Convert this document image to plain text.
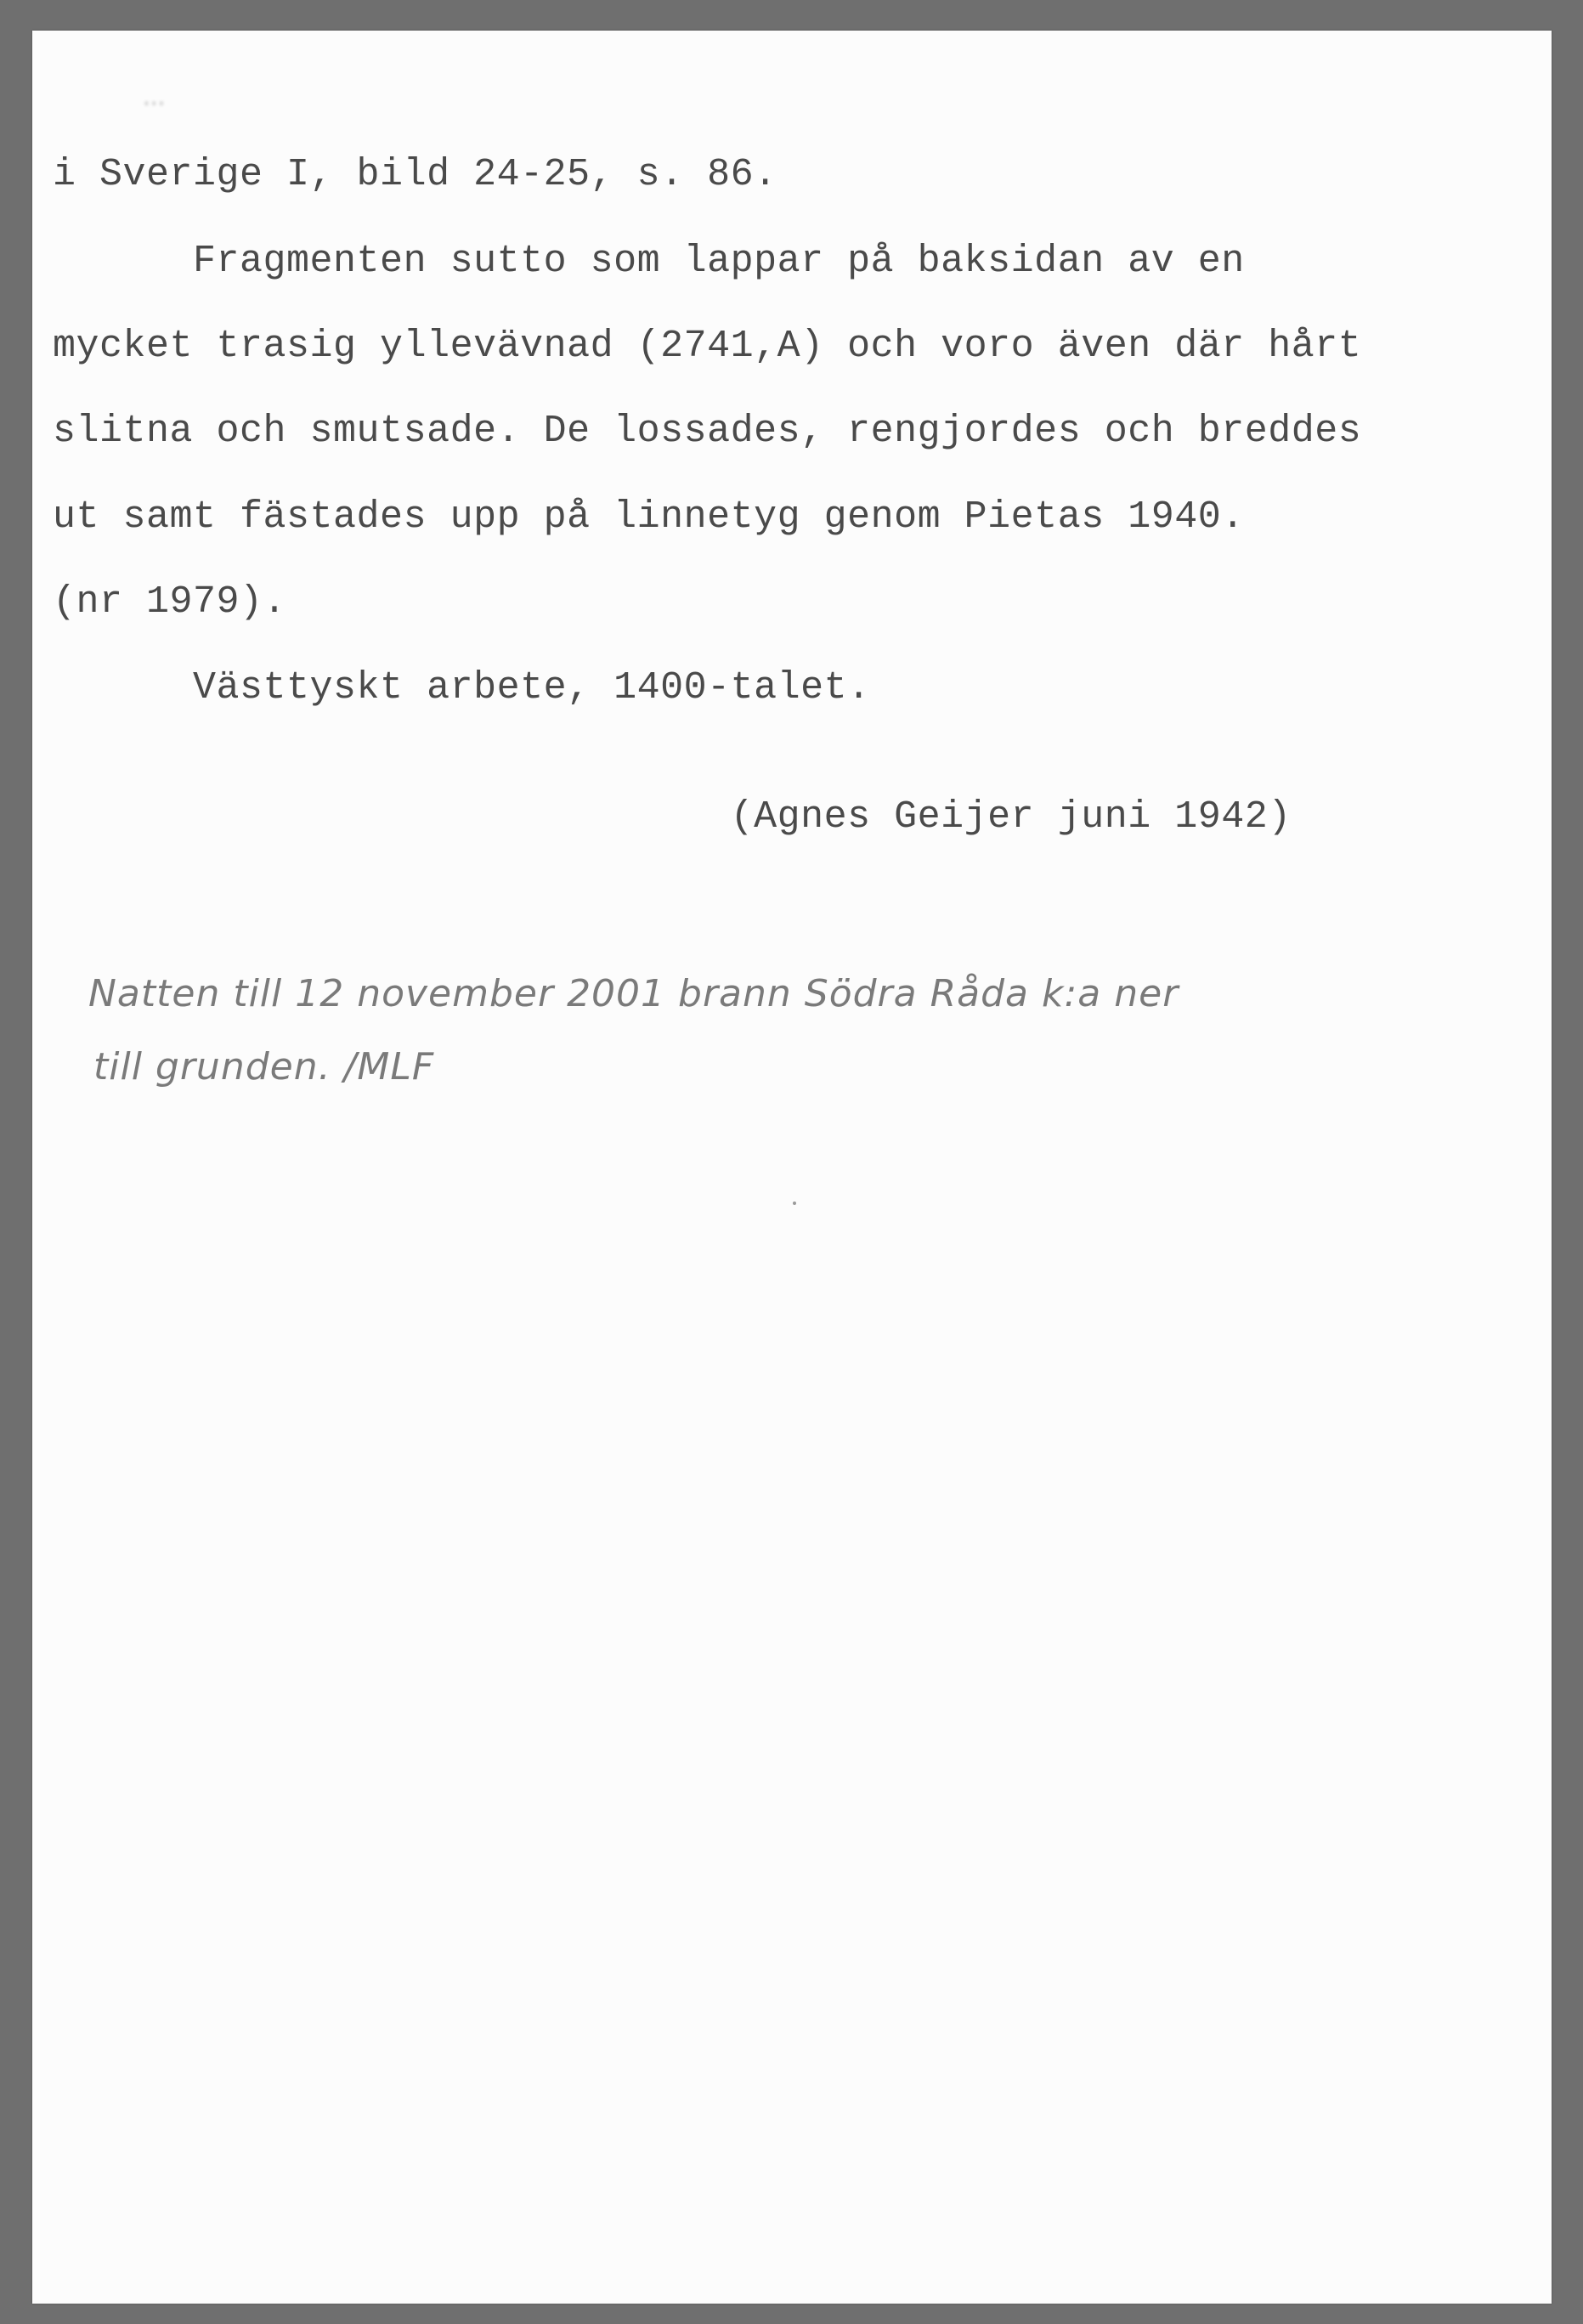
…
i Sverige I, bild 24-25, s. 86.
Fragmenten sutto som lappar på baksidan av en
mycket trasig yllevävnad (2741,A) och voro även där hårt
slitna och smutsade. De lossades, rengjordes och breddes
ut samt fästades upp på linnetyg genom Pietas 1940.
(nr 1979).
Västtyskt arbete, 1400-talet.
(Agnes Geijer juni 1942)
Natten till 12 november 2001 brann Södra Råda k:a ner
till grunden. /MLF
